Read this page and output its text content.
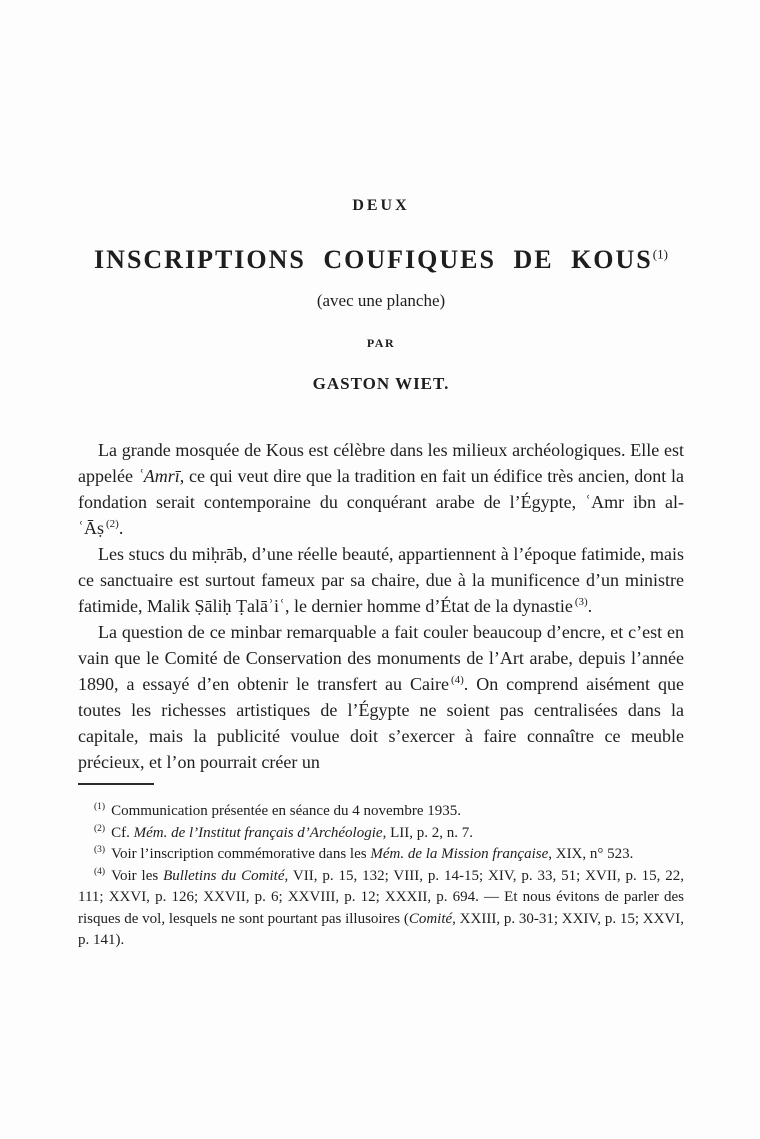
DEUX
INSCRIPTIONS COUFIQUES DE KOUS$^{(1)}$
(avec une planche)
PAR
GASTON WIET.

La grande mosquée de Kous est célèbre dans les milieux archéologiques. Elle est appelée ʿAmrī, ce qui veut dire que la tradition en fait un édifice très ancien, dont la fondation serait contemporaine du conquérant arabe de l’Égypte, ʿAmr ibn al-ʿĀṣ $^{(2)}$.

Les stucs du miḥrāb, d’une réelle beauté, appartiennent à l’époque fatimide, mais ce sanctuaire est surtout fameux par sa chaire, due à la munificence d’un ministre fatimide, Malik Ṣāliḥ Ṭalāʾiʿ, le dernier homme d’État de la dynastie $^{(3)}$.

La question de ce minbar remarquable a fait couler beaucoup d’encre, et c’est en vain que le Comité de Conservation des monuments de l’Art arabe, depuis l’année 1890, a essayé d’en obtenir le transfert au Caire $^{(4)}$. On comprend aisément que toutes les richesses artistiques de l’Égypte ne soient pas centralisées dans la capitale, mais la publicité voulue doit s’exercer à faire connaître ce meuble précieux, et l’on pourrait créer un

$^{(1)}$ Communication présentée en séance du 4 novembre 1935.

$^{(2)}$ Cf. Mém. de l’Institut français d’Archéologie, LII, p. 2, n. 7.

$^{(3)}$ Voir l’inscription commémorative dans les Mém. de la Mission française, XIX, n° 523.

$^{(4)}$ Voir les Bulletins du Comité, VII, p. 15, 132; VIII, p. 14-15; XIV, p. 33, 51; XVII, p. 15, 22, 111; XXVI, p. 126; XXVII, p. 6; XXVIII, p. 12; XXXII, p. 694. — Et nous évitons de parler des risques de vol, lesquels ne sont pourtant pas illusoires (Comité, XXIII, p. 30-31; XXIV, p. 15; XXVI, p. 141).
